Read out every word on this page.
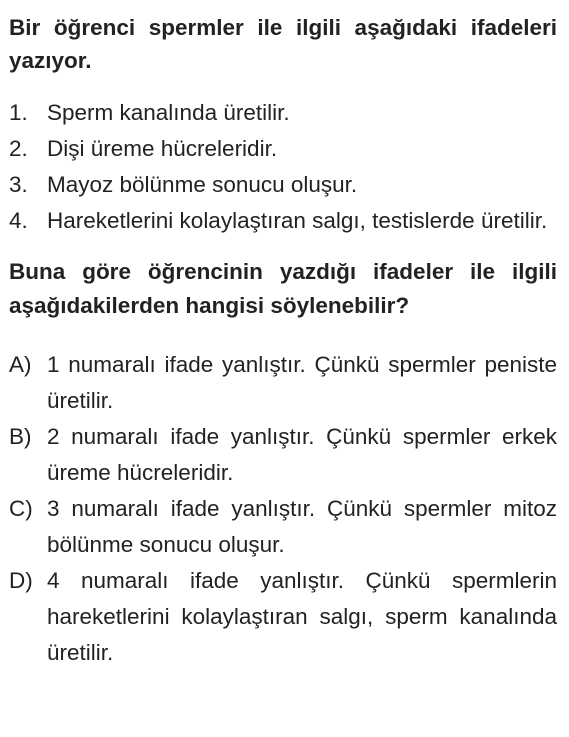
Bir öğrenci spermler ile ilgili aşağıdaki ifadeleri yazıyor.

1. Sperm kanalında üretilir.
2. Dişi üreme hücreleridir.
3. Mayoz bölünme sonucu oluşur.
4. Hareketlerini kolaylaştıran salgı, testislerde üretilir.

Buna göre öğrencinin yazdığı ifadeler ile ilgili aşağıdakilerden hangisi söylenebilir?

A) 1 numaralı ifade yanlıştır. Çünkü spermler peniste üretilir.
B) 2 numaralı ifade yanlıştır. Çünkü spermler erkek üreme hücreleridir.
C) 3 numaralı ifade yanlıştır. Çünkü spermler mitoz bölünme sonucu oluşur.
D) 4 numaralı ifade yanlıştır. Çünkü spermlerin hareketlerini kolaylaştıran salgı, sperm kanalında üretilir.
